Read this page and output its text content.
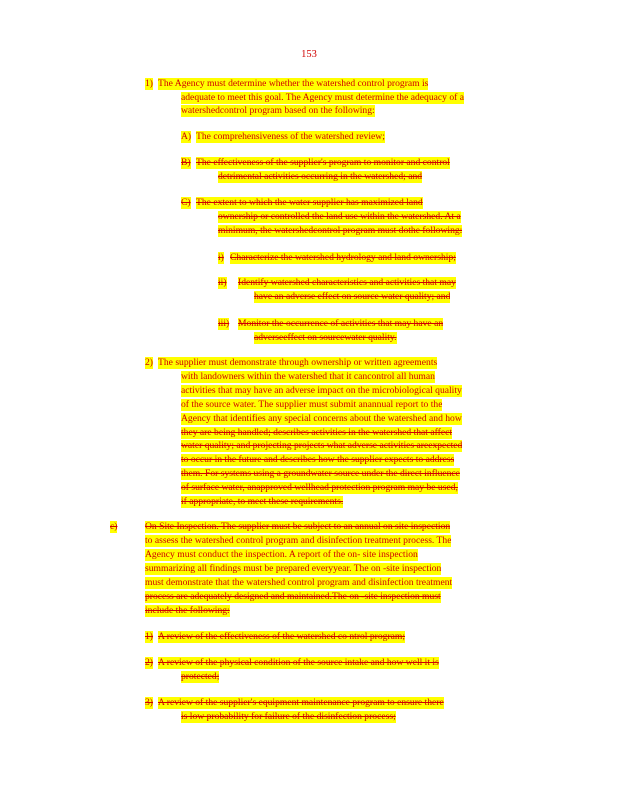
153
1) The Agency must determine whether the watershed control program is
adequate to meet this goal. The Agency must determine the adequacy of a
watershedcontrol program based on the following:
A) The comprehensiveness of the watershed review;
B) The effectiveness of the supplier's program to monitor and control
detrimental activities occurring in the watershed; and
C) The extent to which the water supplier has maximized land
ownership or controlled the land use within the watershed. At a
minimum, the watershedcontrol program must dothe following:
i) Characterize the watershed hydrology and land ownership;
ii) Identify watershed characteristics and activities that may
have an adverse effect on source water quality; and
iii) Monitor the occurrence of activities that may have an
adverseeffect on sourcewater quality.
2) The supplier must demonstrate through ownership or written agreements
with landowners within the watershed that it cancontrol all human
activities that may have an adverse impact on the microbiological quality
of the source water. The supplier must submit anannual report to the
Agency that identifies any special concerns about the watershed and how
they are being handled; describes activities in the watershed that affect
water quality; and projecting projects what adverse activities areexpected
to occur in the future and describes how the supplier expects to address
them. For systems using a groundwater source under the direct influence
of surface water, anapproved wellhead protection program may be used,
if appropriate, to meet these requirements.
c)	On Site Inspection. The supplier must be subject to an annual on site inspection
to assess the watershed control program and disinfection treatment process. The
Agency must conduct the inspection. A report of the on- site inspection
summarizing all findings must be prepared everyyear. The on -site inspection
must demonstrate that the watershed control program and disinfection treatment
process are adequately designed and maintained.The on -site inspection must
include the following:
1) A review of the effectiveness of the watershed co ntrol program;
2) A review of the physical condition of the source intake and how well it is
protected;
3) A review of the supplier's equipment maintenance program to ensure there
is low probability for failure of the disinfection process;
